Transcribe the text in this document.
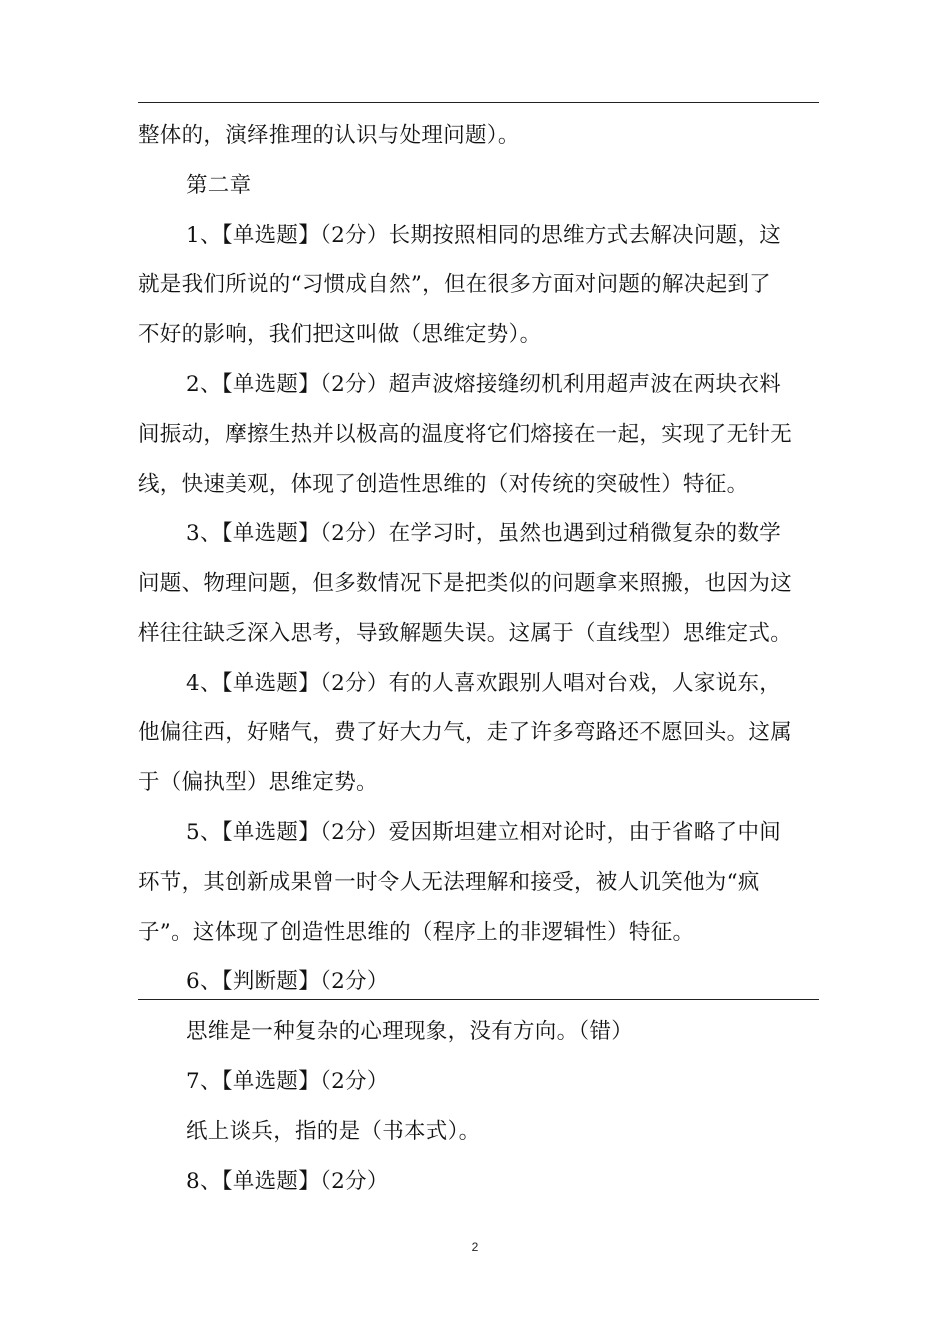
整体的，演绎推理的认识与处理问题）。
第二章
1、【单选题】（2分）长期按照相同的思维方式去解决问题，这
就是我们所说的“习惯成自然”，但在很多方面对问题的解决起到了
不好的影响，我们把这叫做（思维定势）。
2、【单选题】（2分）超声波熔接缝纫机利用超声波在两块衣料
间振动，摩擦生热并以极高的温度将它们熔接在一起，实现了无针无
线，快速美观，体现了创造性思维的（对传统的突破性）特征。
3、【单选题】（2分）在学习时，虽然也遇到过稍微复杂的数学
问题、物理问题，但多数情况下是把类似的问题拿来照搬，也因为这
样往往缺乏深入思考，导致解题失误。这属于（直线型）思维定式。
4、【单选题】（2分）有的人喜欢跟别人唱对台戏，人家说东，
他偏往西，好赌气，费了好大力气，走了许多弯路还不愿回头。这属
于（偏执型）思维定势。
5、【单选题】（2分）爱因斯坦建立相对论时，由于省略了中间
环节，其创新成果曾一时令人无法理解和接受，被人讥笑他为“疯
子”。这体现了创造性思维的（程序上的非逻辑性）特征。
6、【判断题】（2分）
思维是一种复杂的心理现象，没有方向。（错）
7、【单选题】（2分）
纸上谈兵，指的是（书本式）。
8、【单选题】（2分）
2
